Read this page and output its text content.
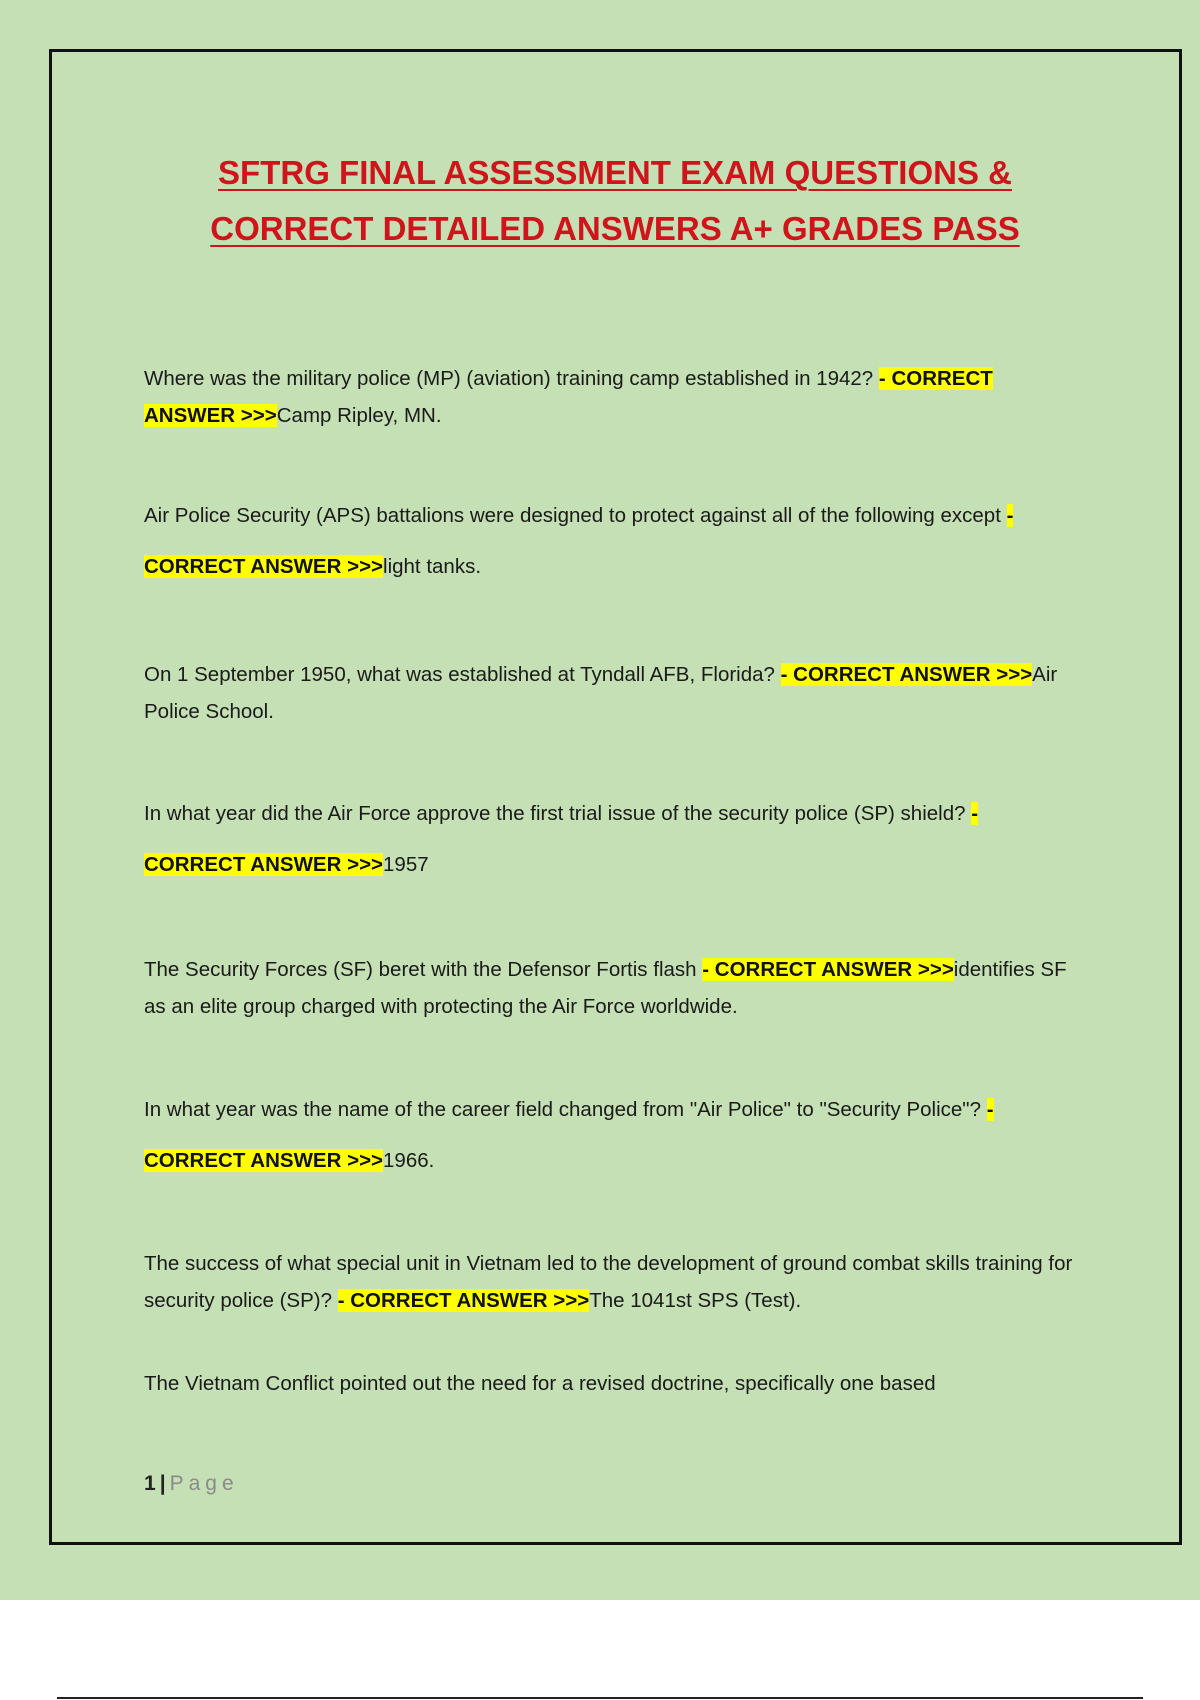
SFTRG FINAL ASSESSMENT EXAM QUESTIONS &
CORRECT DETAILED ANSWERS A+ GRADES PASS

Where was the military police (MP) (aviation) training camp established in 1942? - CORRECT ANSWER >>>Camp Ripley, MN.

Air Police Security (APS) battalions were designed to protect against all of the following except - CORRECT ANSWER >>>light tanks.

On 1 September 1950, what was established at Tyndall AFB, Florida? - CORRECT ANSWER >>>Air Police School.

In what year did the Air Force approve the first trial issue of the security police (SP) shield? - CORRECT ANSWER >>>1957

The Security Forces (SF) beret with the Defensor Fortis flash - CORRECT ANSWER >>>identifies SF as an elite group charged with protecting the Air Force worldwide.

In what year was the name of the career field changed from "Air Police" to "Security Police"? - CORRECT ANSWER >>>1966.

The success of what special unit in Vietnam led to the development of ground combat skills training for security police (SP)? - CORRECT ANSWER >>>The 1041st SPS (Test).

The Vietnam Conflict pointed out the need for a revised doctrine, specifically one based

1 | Page
